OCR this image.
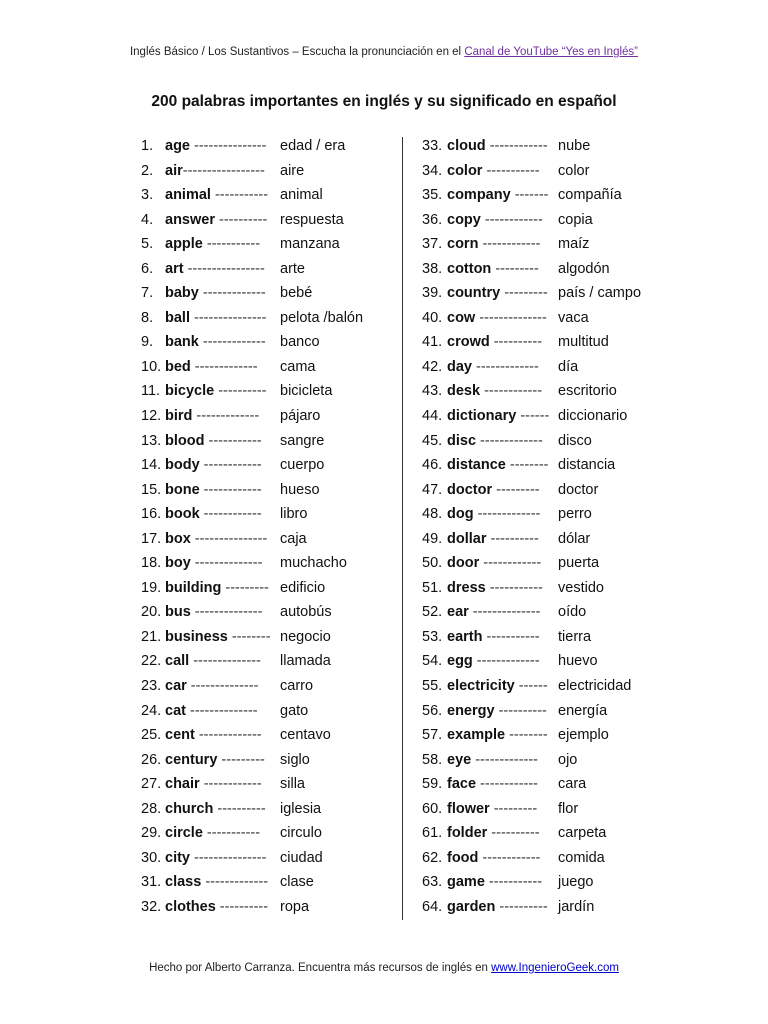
Inglés Básico / Los Sustantivos – Escucha la pronunciación en el Canal de YouTube “Yes en Inglés”
200 palabras importantes en inglés y su significado en español
1. age --------------- edad / era
2. air----------------- aire
3. animal ----------- animal
4. answer ---------- respuesta
5. apple ----------- manzana
6. art ---------------- arte
7. baby ------------- bebé
8. ball --------------- pelota /balón
9. bank ------------- banco
10. bed ------------- cama
11. bicycle ---------- bicicleta
12. bird ------------- pájaro
13. blood ----------- sangre
14. body ------------ cuerpo
15. bone ------------ hueso
16. book ------------ libro
17. box --------------- caja
18. boy -------------- muchacho
19. building --------- edificio
20. bus -------------- autobús
21. business -------- negocio
22. call -------------- llamada
23. car -------------- carro
24. cat -------------- gato
25. cent ------------- centavo
26. century --------- siglo
27. chair ------------ silla
28. church ---------- iglesia
29. circle ----------- circulo
30. city --------------- ciudad
31. class ------------- clase
32. clothes ---------- ropa
33. cloud ------------ nube
34. color ----------- color
35. company ------- compañía
36. copy ------------ copia
37. corn ------------ maíz
38. cotton --------- algodón
39. country --------- país / campo
40. cow -------------- vaca
41. crowd ---------- multitud
42. day ------------- día
43. desk ------------ escritorio
44. dictionary ------ diccionario
45. disc ------------- disco
46. distance -------- distancia
47. doctor --------- doctor
48. dog ------------- perro
49. dollar ---------- dólar
50. door ------------ puerta
51. dress ----------- vestido
52. ear -------------- oído
53. earth ----------- tierra
54. egg ------------- huevo
55. electricity ------ electricidad
56. energy ---------- energía
57. example -------- ejemplo
58. eye ------------- ojo
59. face ------------ cara
60. flower --------- flor
61. folder ---------- carpeta
62. food ------------ comida
63. game ----------- juego
64. garden ---------- jardín
Hecho por Alberto Carranza. Encuentra más recursos de inglés en www.IngenieroGeek.com
